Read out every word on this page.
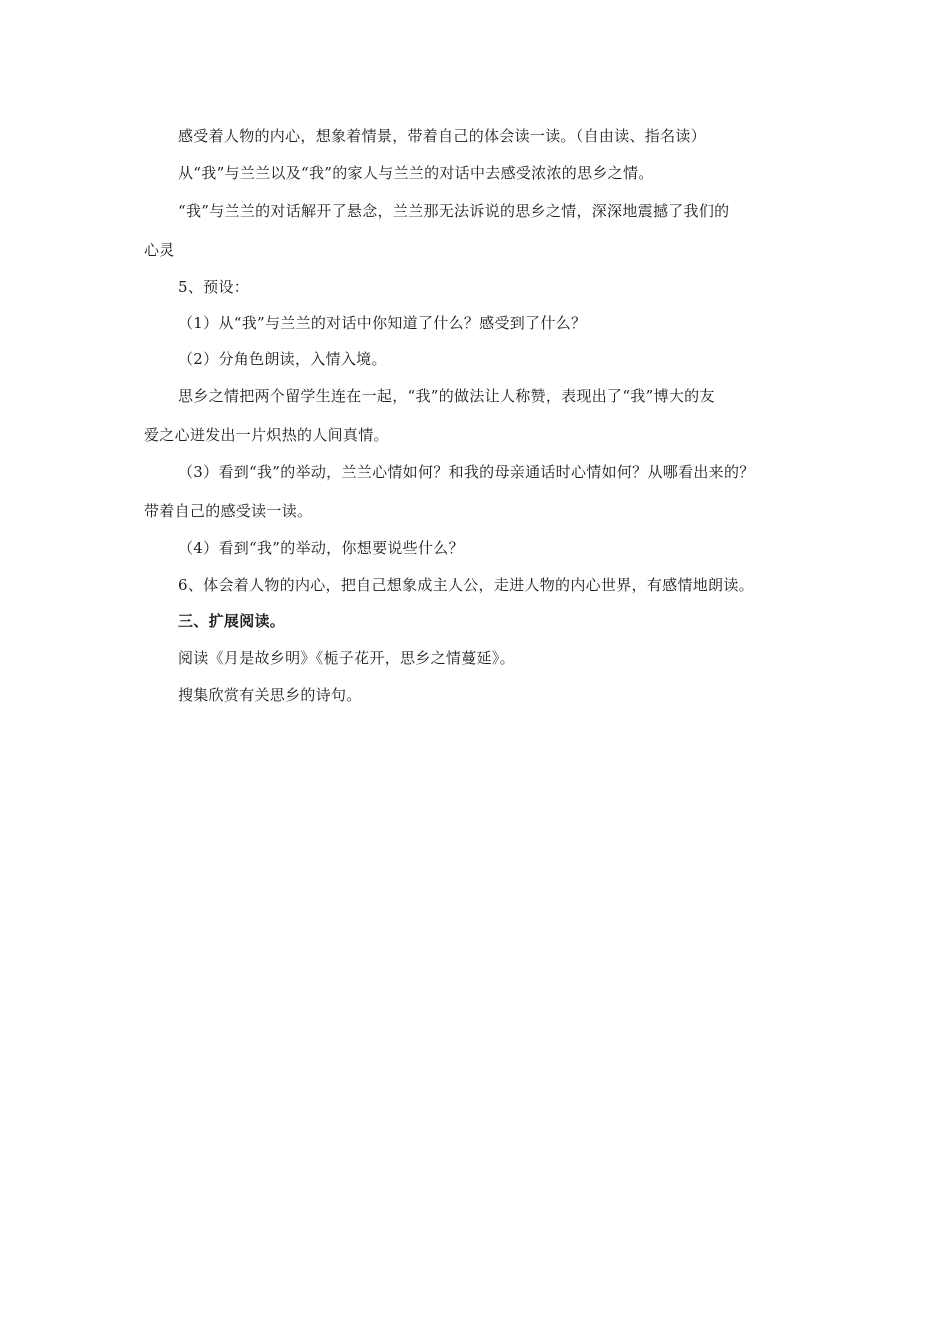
感受着人物的内心，想象着情景，带着自己的体会读一读。（自由读、指名读）
从“我”与兰兰以及“我”的家人与兰兰的对话中去感受浓浓的思乡之情。
“我”与兰兰的对话解开了悬念，兰兰那无法诉说的思乡之情，深深地震撼了我们的
心灵
5、预设：
（1）从“我”与兰兰的对话中你知道了什么？感受到了什么？
（2）分角色朗读，入情入境。
思乡之情把两个留学生连在一起，“我”的做法让人称赞，表现出了“我”博大的友
爱之心迸发出一片炽热的人间真情。
（3）看到“我”的举动，兰兰心情如何？和我的母亲通话时心情如何？从哪看出来的？
带着自己的感受读一读。
（4）看到“我”的举动，你想要说些什么？
6、体会着人物的内心，把自己想象成主人公，走进人物的内心世界，有感情地朗读。
三、扩展阅读。
阅读《月是故乡明》《栀子花开，思乡之情蔓延》。
搜集欣赏有关思乡的诗句。
